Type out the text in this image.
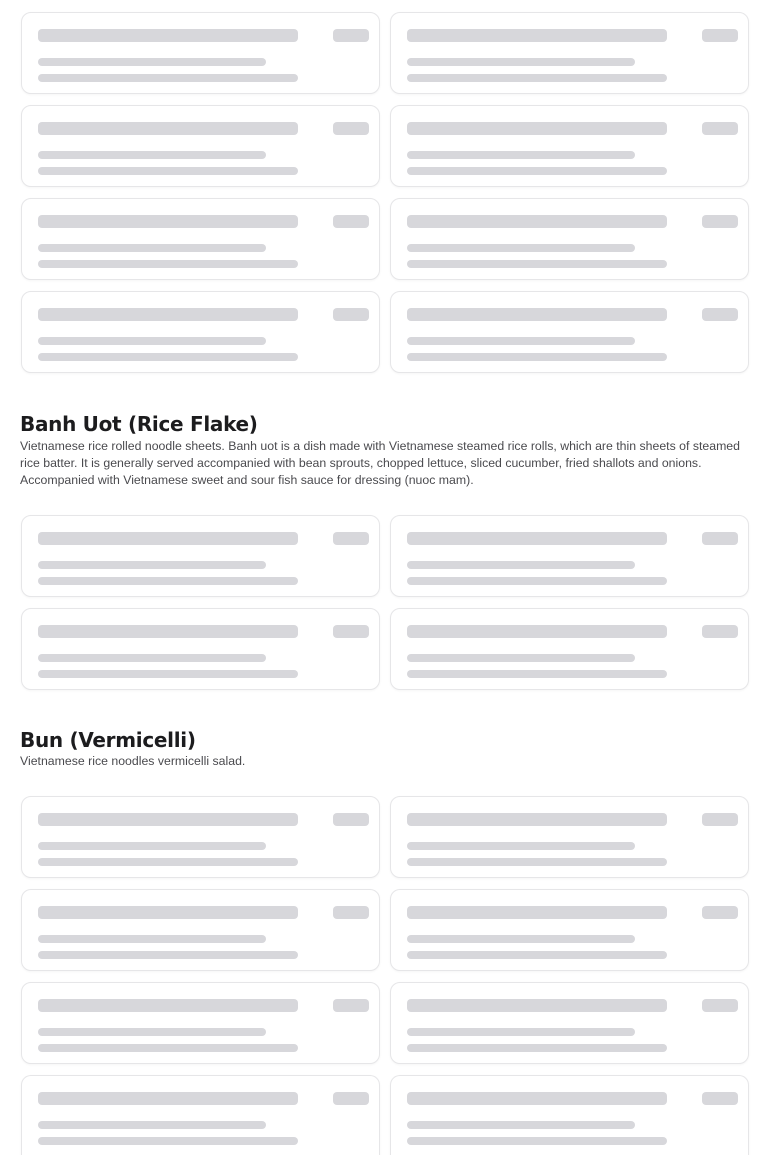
Banh Uot (Rice Flake)

Vietnamese rice rolled noodle sheets. Banh uot is a dish made with Vietnamese steamed rice rolls, which are thin sheets of steamed rice batter. It is generally served accompanied with bean sprouts, chopped lettuce, sliced cucumber, fried shallots and onions. Accompanied with Vietnamese sweet and sour fish sauce for dressing (nuoc mam).

Bun (Vermicelli)

Vietnamese rice noodles vermicelli salad.
